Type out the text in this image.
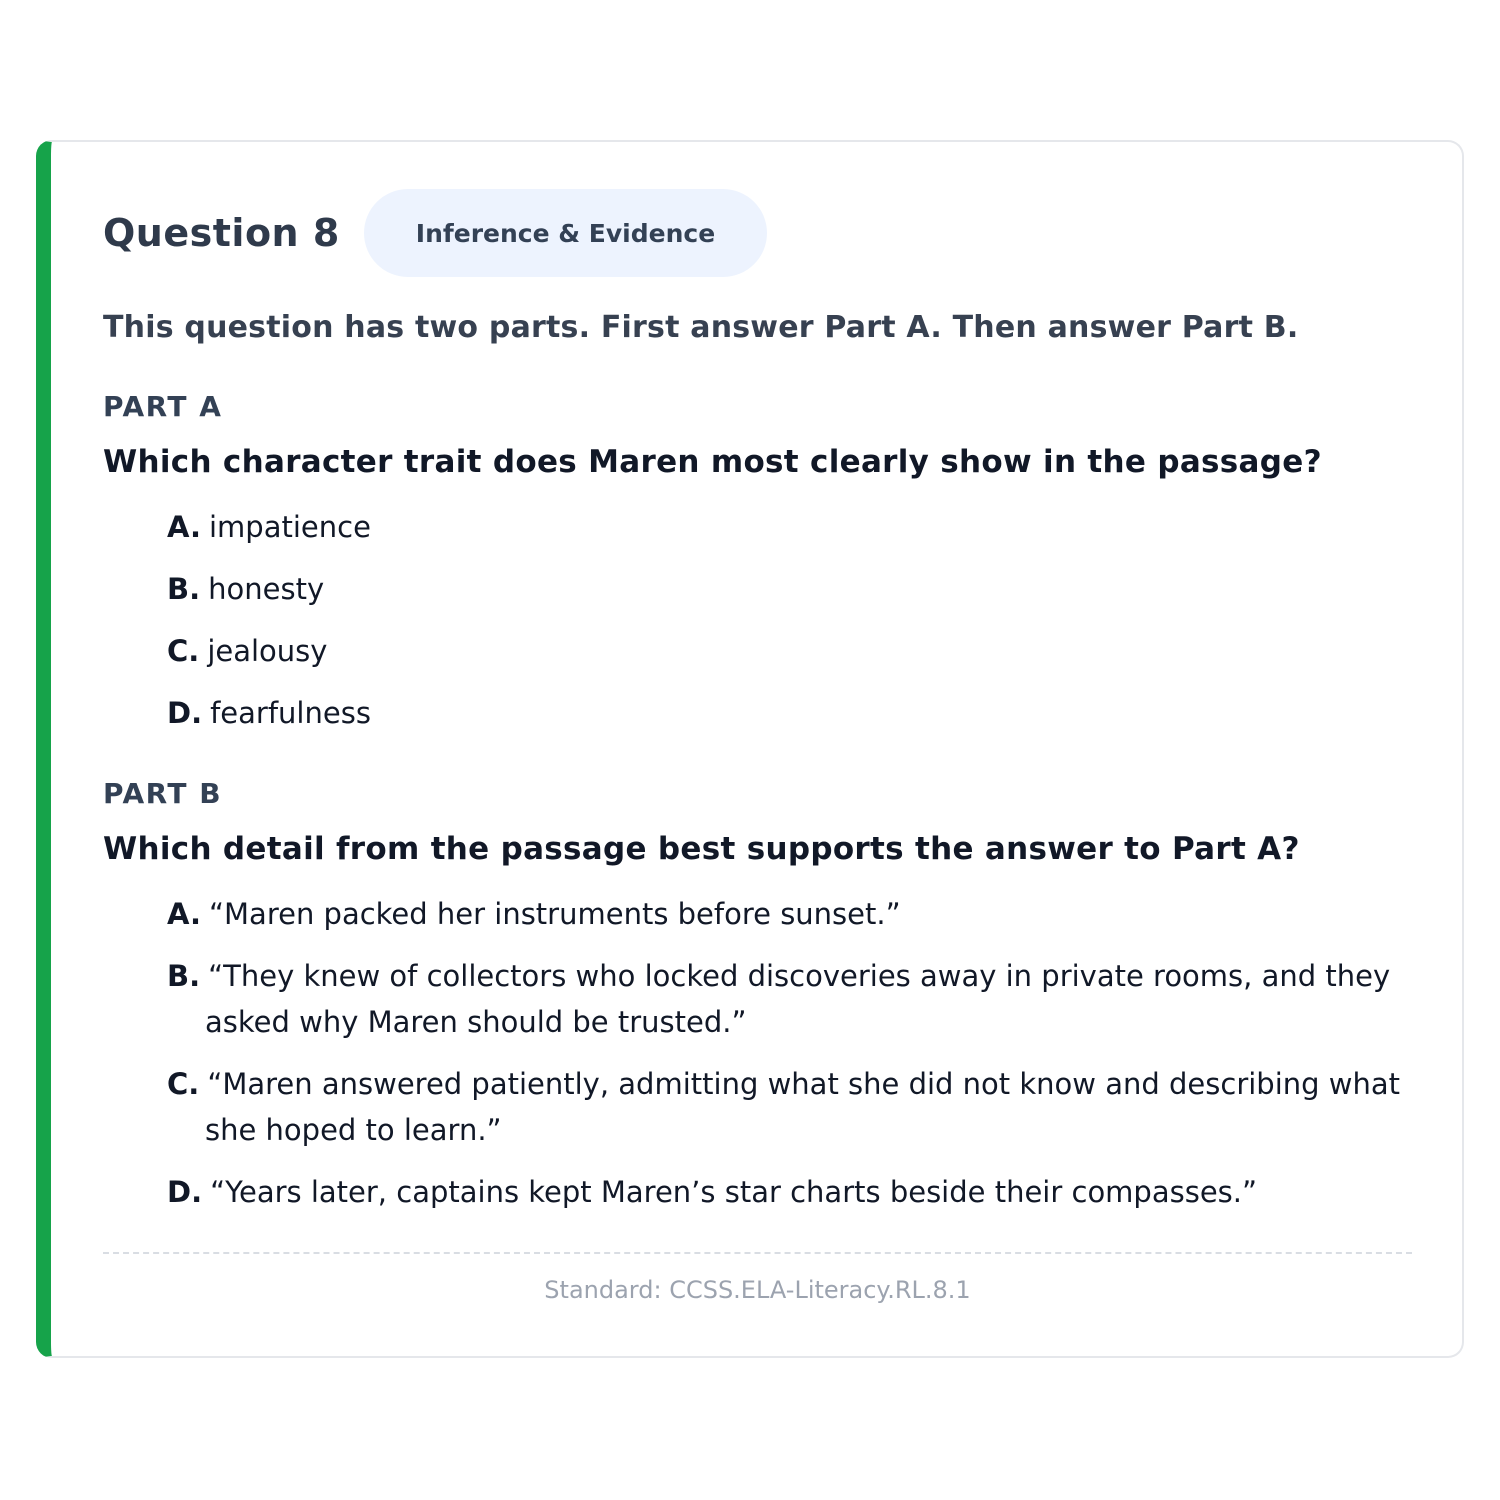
Question 8	Inference & Evidence
This question has two parts. First answer Part A. Then answer Part B.
PART A
Which character trait does Maren most clearly show in the passage?
A. impatience
B. honesty
C. jealousy
D. fearfulness
PART B
Which detail from the passage best supports the answer to Part A?
A. “Maren packed her instruments before sunset.”
B. “They knew of collectors who locked discoveries away in private rooms, and they asked why Maren should be trusted.”
C. “Maren answered patiently, admitting what she did not know and describing what she hoped to learn.”
D. “Years later, captains kept Maren’s star charts beside their compasses.”
Standard: CCSS.ELA-Literacy.RL.8.1
